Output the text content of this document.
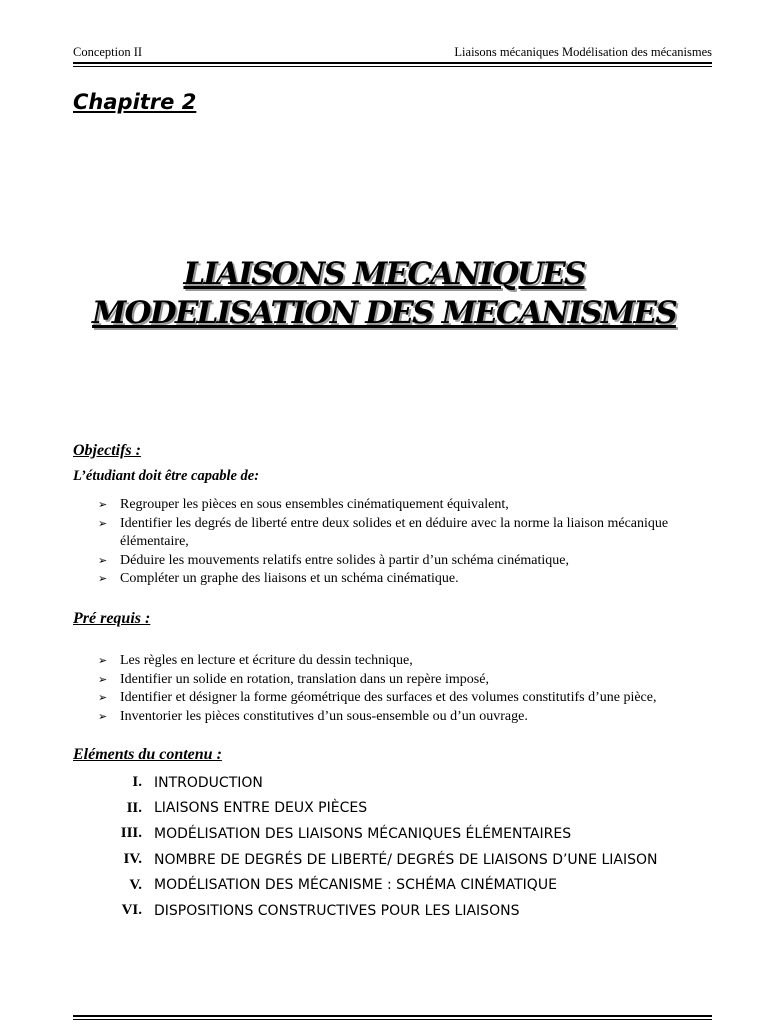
Conception II	Liaisons mécaniques Modélisation des mécanismes
Chapitre 2
LIAISONS MECANIQUES
MODELISATION DES MECANISMES
Objectifs :
L’étudiant doit être capable de:
➢ Regrouper les pièces en sous ensembles cinématiquement équivalent,
➢ Identifier les degrés de liberté entre deux solides et en déduire avec la norme la liaison mécanique élémentaire,
➢ Déduire les mouvements relatifs entre solides à partir d’un schéma cinématique,
➢ Compléter un graphe des liaisons et un schéma cinématique.
Pré requis :
➢ Les règles en lecture et écriture du dessin technique,
➢ Identifier un solide en rotation, translation dans un repère imposé,
➢ Identifier et désigner la forme géométrique des surfaces et des volumes constitutifs d’une pièce,
➢ Inventorier les pièces constitutives d’un sous-ensemble ou d’un ouvrage.
Eléments du contenu :
I. INTRODUCTION
II. LIAISONS ENTRE DEUX PIÈCES
III. MODÉLISATION DES LIAISONS MÉCANIQUES ÉLÉMENTAIRES
IV. NOMBRE DE DEGRÉS DE LIBERTÉ/ DEGRÉS DE LIAISONS D’UNE LIAISON
V. MODÉLISATION DES MÉCANISME : SCHÉMA CINÉMATIQUE
VI. DISPOSITIONS CONSTRUCTIVES POUR LES LIAISONS
